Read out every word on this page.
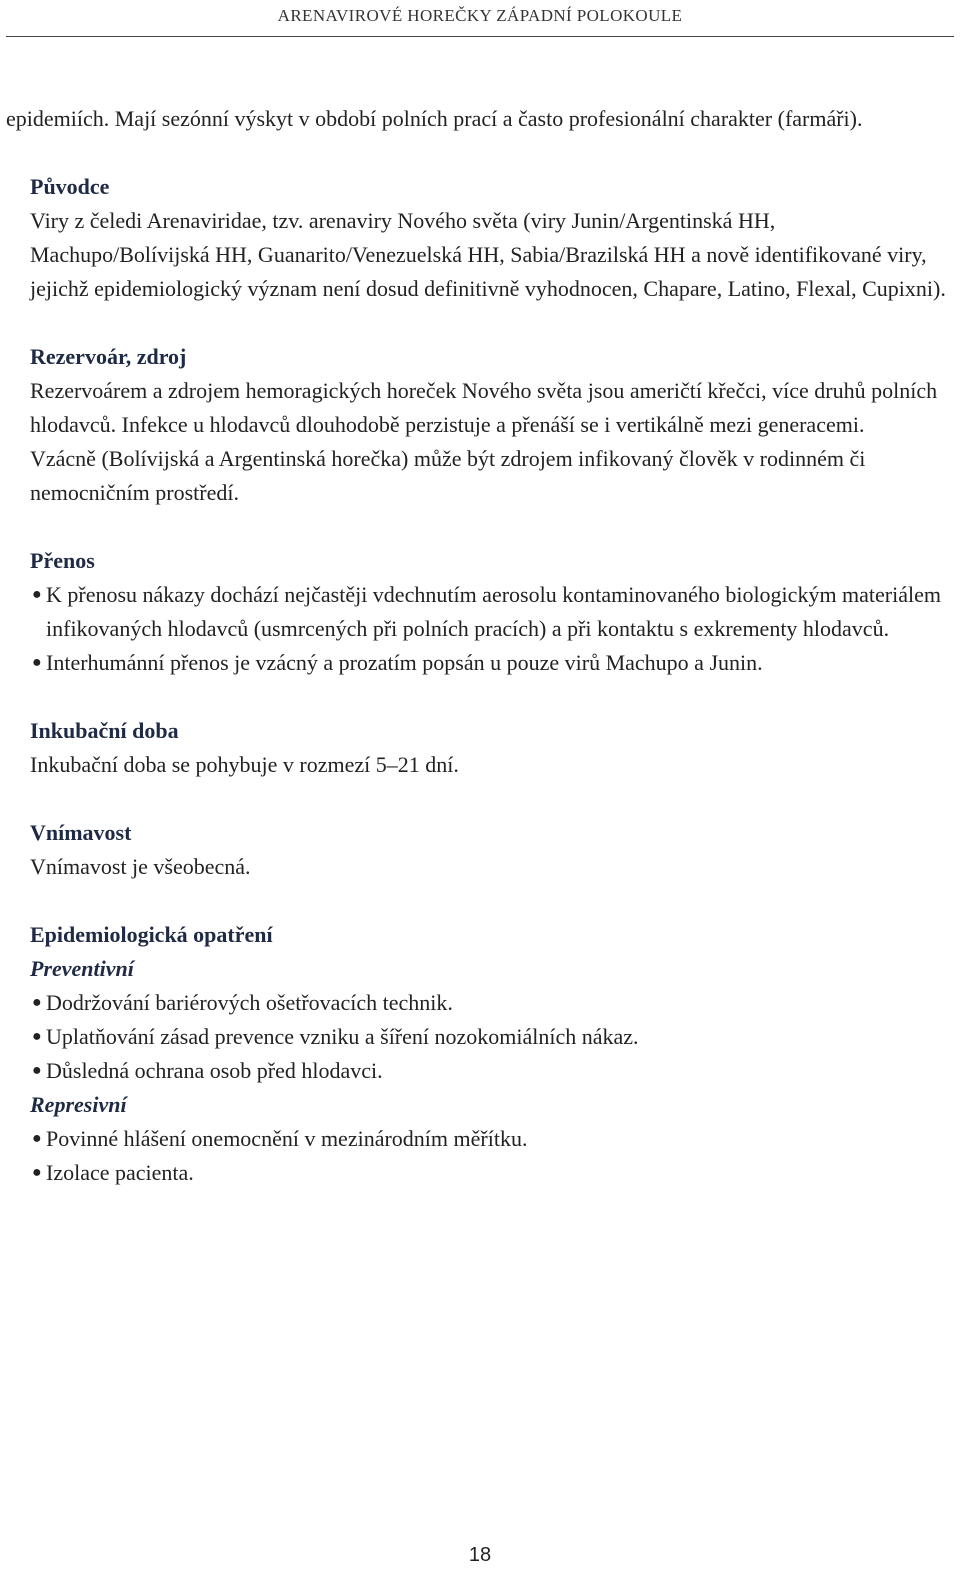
ARENAVIROVÉ HOREČKY ZÁPADNÍ POLOKOULE

epidemiích. Mají sezónní výskyt v období polních prací a často profesionální charakter (farmáři).

Původce

Viry z čeledi Arenaviridae, tzv. arenaviry Nového světa (viry Junin/Argentinská HH, Machupo/Bolívijská HH, Guanarito/Venezuelská HH, Sabia/Brazilská HH a nově identifikované viry, jejichž epidemiologický význam není dosud definitivně vyhodnocen, Chapare, Latino, Flexal, Cupixni).

Rezervoár, zdroj

Rezervoárem a zdrojem hemoragických horeček Nového světa jsou američtí křečci, více druhů polních hlodavců. Infekce u hlodavců dlouhodobě perzistuje a přenáší se i vertikálně mezi generacemi.

Vzácně (Bolívijská a Argentinská horečka) může být zdrojem infikovaný člověk v rodinném či nemocničním prostředí.

Přenos
● K přenosu nákazy dochází nejčastěji vdechnutím aerosolu kontaminovaného biologickým materiálem infikovaných hlodavců (usmrcených při polních pracích) a při kontaktu s exkrementy hlodavců.
● Interhumánní přenos je vzácný a prozatím popsán u pouze virů Machupo a Junin.
Inkubační doba

Inkubační doba se pohybuje v rozmezí 5–21 dní.

Vnímavost

Vnímavost je všeobecná.

Epidemiologická opatření
Preventivní
● Dodržování bariérových ošetřovacích technik.
● Uplatňování zásad prevence vzniku a šíření nozokomiálních nákaz.
● Důsledná ochrana osob před hlodavci.
Represivní
● Povinné hlášení onemocnění v mezinárodním měřítku.
● Izolace pacienta.
18
